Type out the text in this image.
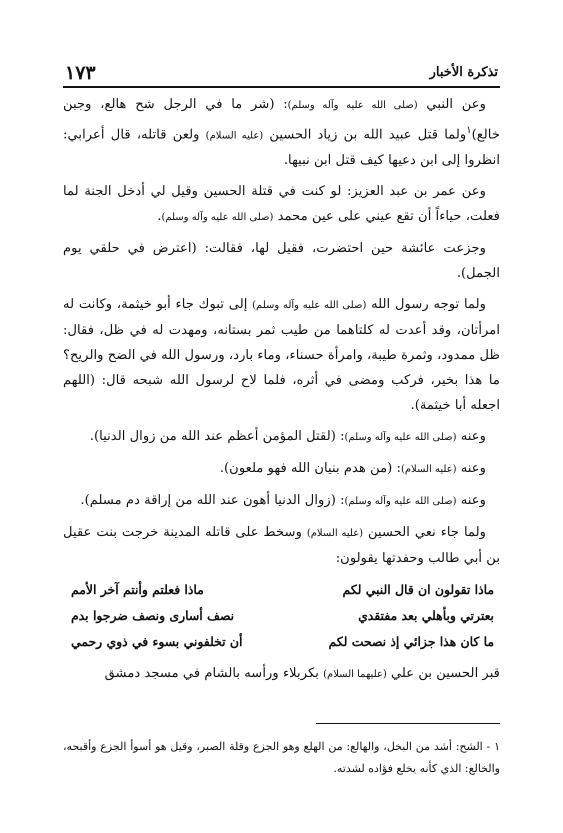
تذكرة الأخبار
١٧٣

وعن النبي (صلى الله عليه وآله وسلم): (شر ما في الرجل شح هالع، وجبن خالع)$^١$ولما قتل عبيد الله بن زياد الحسين (عليه السلام) ولعن قاتله، قال أعرابي: انظروا إلى ابن دعيها كيف قتل ابن نبيها.

وعن عمر بن عبد العزيز: لو كنت في قتلة الحسين وقيل لي أدخل الجنة لما فعلت، حياءاً أن تقع عيني على عين محمد (صلى الله عليه وآله وسلم).

وجزعت عائشة حين احتضرت، فقيل لها، فقالت: (اعترض في حلقي يوم الجمل).

ولما توجه رسول الله (صلى الله عليه وآله وسلم) إلى تبوك جاء أبو خيثمة، وكانت له امرأتان، وقد أعدت له كلتاهما من طيب ثمر بستانه، ومهدت له في ظل، فقال: ظل ممدود، وثمرة طيبة، وامرأة حسناء، وماء بارد، ورسول الله في الضح والريح؟ ما هذا بخير، فركب ومضى في أثره، فلما لاح لرسول الله شبحه قال: (اللهم اجعله أبا خيثمة).

وعنه (صلى الله عليه وآله وسلم): (لقتل المؤمن أعظم عند الله من زوال الدنيا).

وعنه (عليه السلام): (من هدم بنيان الله فهو ملعون).

وعنه (صلى الله عليه وآله وسلم): (زوال الدنيا أهون عند الله من إراقة دم مسلم).

ولما جاء نعي الحسين (عليه السلام) وسخط على قاتله المدينة خرجت بنت عقيل بن أبي طالب وحفدتها يقولون:

ماذا تقولون ان قال النبي لكم
ماذا فعلتم وأنتم آخر الأمم
بعترتي وبأهلي بعد مفتقدي
نصف أسارى ونصف ضرجوا بدم
ما كان هذا جزائي إذ نصحت لكم
أن تخلفوني بسوء في ذوي رحمي

قبر الحسين بن علي (عليهما السلام) بكربلاء ورأسه بالشام في مسجد دمشق

١ - الشح: أشد من البخل، والهالع: من الهلع وهو الجزع وقلة الصبر، وقيل هو أسوأ الجزع وأقبحه، والخالع: الذي كأنه يخلع فؤاده لشدته.
